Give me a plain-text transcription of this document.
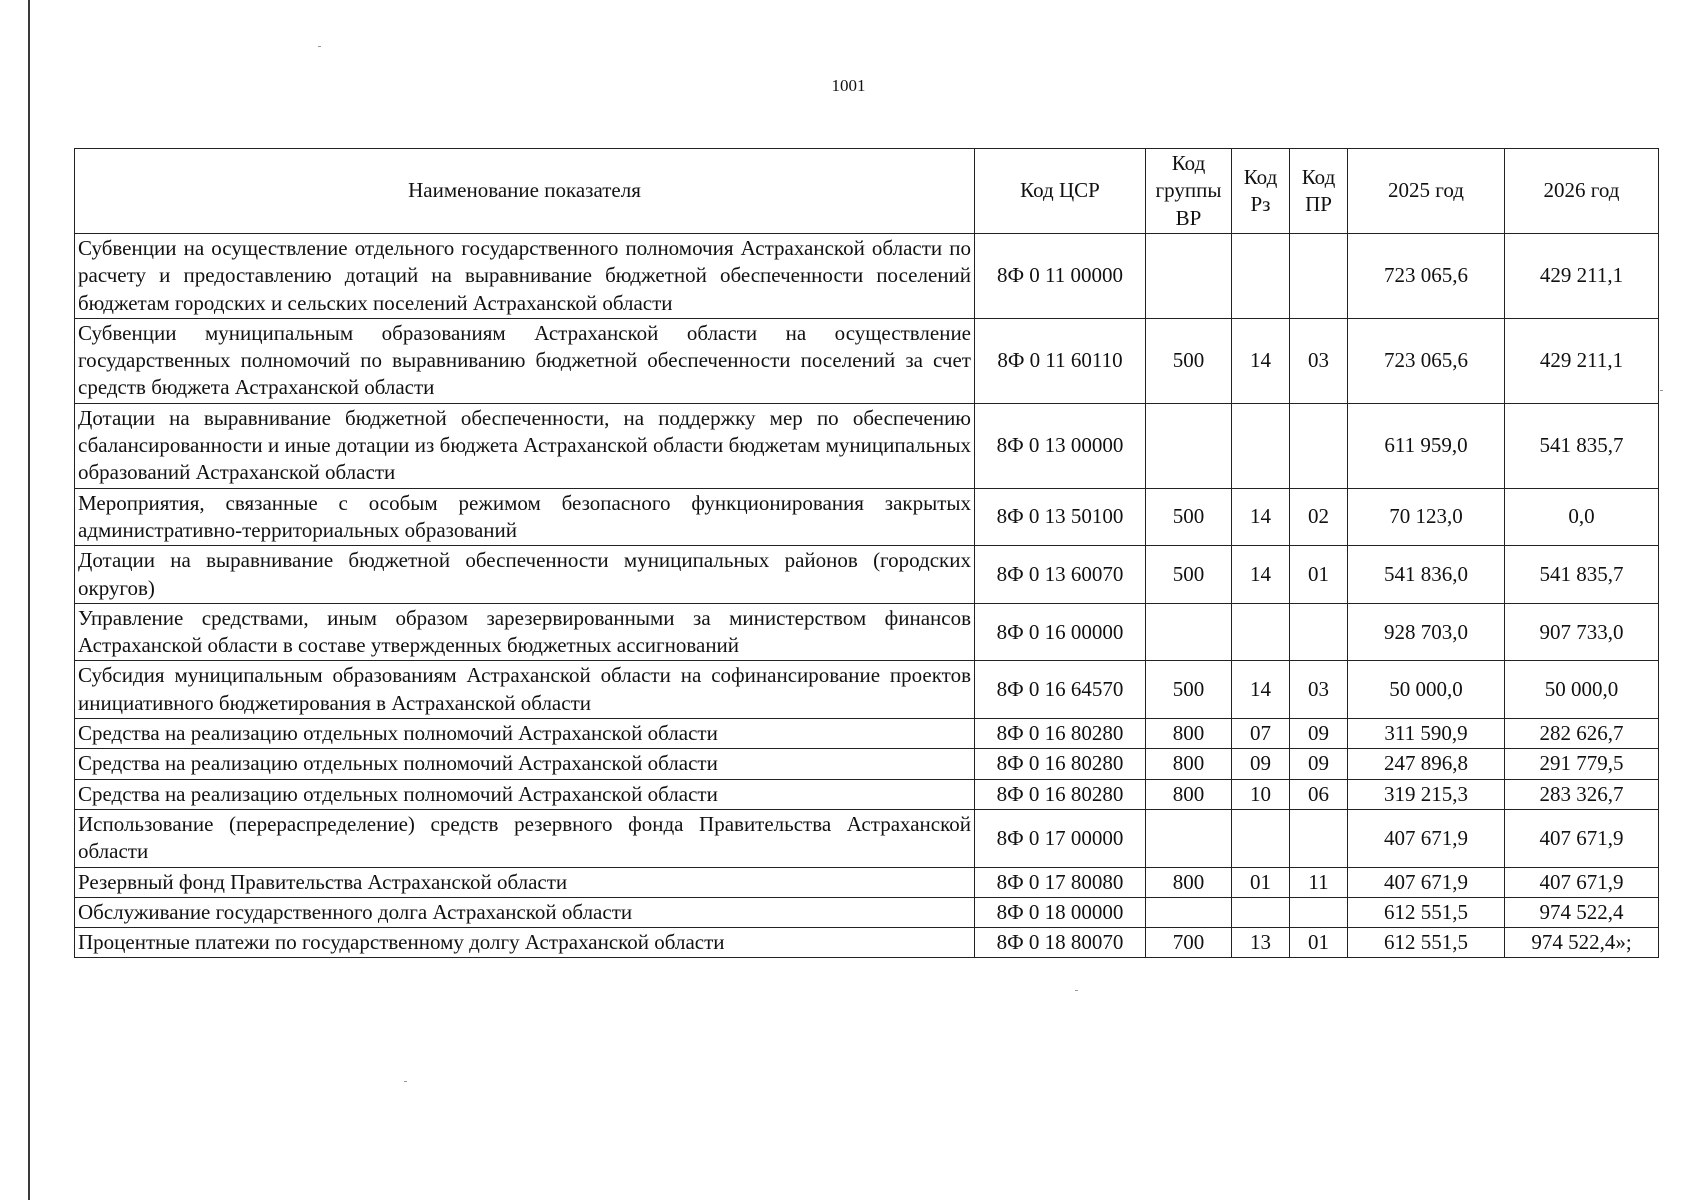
1001
Наименование показателя	Код ЦСР	Код группы ВР	Код Рз	Код ПР	2025 год	2026 год
Субвенции на осуществление отдельного государственного полномочия Астраханской области по расчету и предоставлению дотаций на выравнивание бюджетной обеспеченности поселений бюджетам городских и сельских поселений Астраханской области	8Ф 0 11 00000				723 065,6	429 211,1
Субвенции муниципальным образованиям Астраханской области на осуществление государственных полномочий по выравниванию бюджетной обеспеченности поселений за счет средств бюджета Астраханской области	8Ф 0 11 60110	500	14	03	723 065,6	429 211,1
Дотации на выравнивание бюджетной обеспеченности, на поддержку мер по обеспечению сбалансированности и иные дотации из бюджета Астраханской области бюджетам муниципальных образований Астраханской области	8Ф 0 13 00000				611 959,0	541 835,7
Мероприятия, связанные с особым режимом безопасного функционирования закрытых административно-территориальных образований	8Ф 0 13 50100	500	14	02	70 123,0	0,0
Дотации на выравнивание бюджетной обеспеченности муниципальных районов (городских округов)	8Ф 0 13 60070	500	14	01	541 836,0	541 835,7
Управление средствами, иным образом зарезервированными за министерством финансов Астраханской области в составе утвержденных бюджетных ассигнований	8Ф 0 16 00000				928 703,0	907 733,0
Субсидия муниципальным образованиям Астраханской области на софинансирование проектов инициативного бюджетирования в Астраханской области	8Ф 0 16 64570	500	14	03	50 000,0	50 000,0
Средства на реализацию отдельных полномочий Астраханской области	8Ф 0 16 80280	800	07	09	311 590,9	282 626,7
Средства на реализацию отдельных полномочий Астраханской области	8Ф 0 16 80280	800	09	09	247 896,8	291 779,5
Средства на реализацию отдельных полномочий Астраханской области	8Ф 0 16 80280	800	10	06	319 215,3	283 326,7
Использование (перераспределение) средств резервного фонда Правительства Астраханской области	8Ф 0 17 00000				407 671,9	407 671,9
Резервный фонд Правительства Астраханской области	8Ф 0 17 80080	800	01	11	407 671,9	407 671,9
Обслуживание государственного долга Астраханской области	8Ф 0 18 00000				612 551,5	974 522,4
Процентные платежи по государственному долгу Астраханской области	8Ф 0 18 80070	700	13	01	612 551,5	974 522,4»;
